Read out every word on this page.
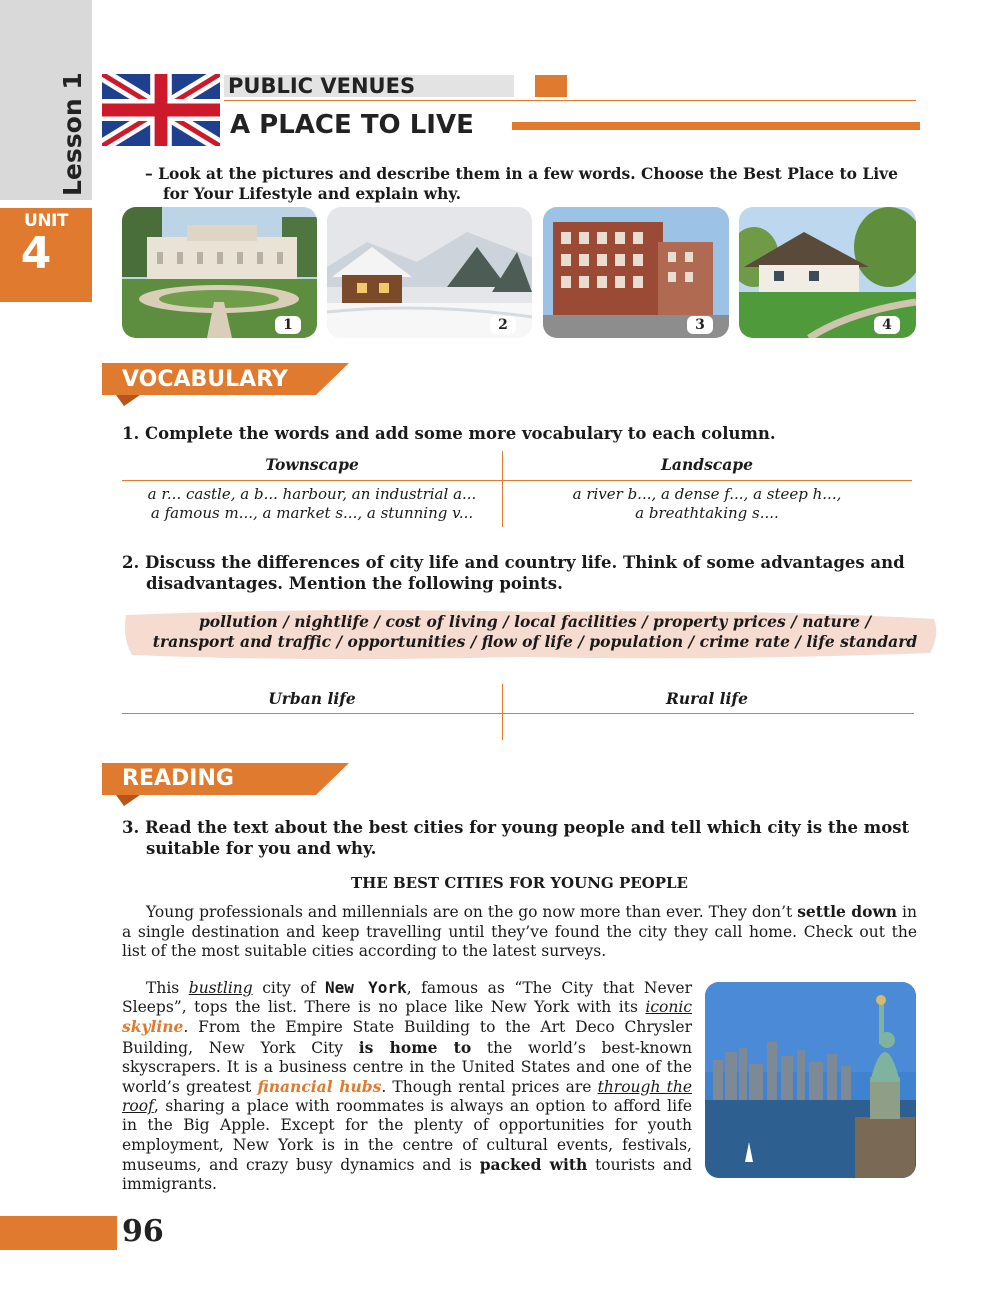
Lesson 1
UNIT
4
PUBLIC VENUES
A PLACE TO LIVE
– Look at the pictures and describe them in a few words. Choose the Best Place to Live for Your Lifestyle and explain why.
1	2	3	4
VOCABULARY
1. Complete the words and add some more vocabulary to each column.
Townscape	Landscape
a r... castle, a b... harbour, an industrial a...
a famous m..., a market s..., a stunning v...
a river b..., a dense f..., a steep h...,
a breathtaking s....
2. Discuss the differences of city life and country life. Think of some advantages and disadvantages. Mention the following points.
pollution / nightlife / cost of living / local facilities / property prices / nature /
transport and traffic / opportunities / flow of life / population / crime rate / life standard
Urban life	Rural life
READING
3. Read the text about the best cities for young people and tell which city is the most suitable for you and why.
THE BEST CITIES FOR YOUNG PEOPLE
Young professionals and millennials are on the go now more than ever. They don’t settle down in a single destination and keep travelling until they’ve found the city they call home. Check out the list of the most suitable cities according to the latest surveys.
This bustling city of New York, famous as “The City that Never Sleeps”, tops the list. There is no place like New York with its iconic skyline. From the Empire State Building to the Art Deco Chrysler Building, New York City is home to the world’s best-known skyscrapers. It is a business centre in the United States and one of the world’s greatest financial hubs. Though rental prices are through the roof, sharing a place with roommates is always an option to afford life in the Big Apple. Except for the plenty of opportunities for youth employment, New York is in the centre of cultural events, festivals, museums, and crazy busy dynamics and is packed with tourists and immigrants.
96
